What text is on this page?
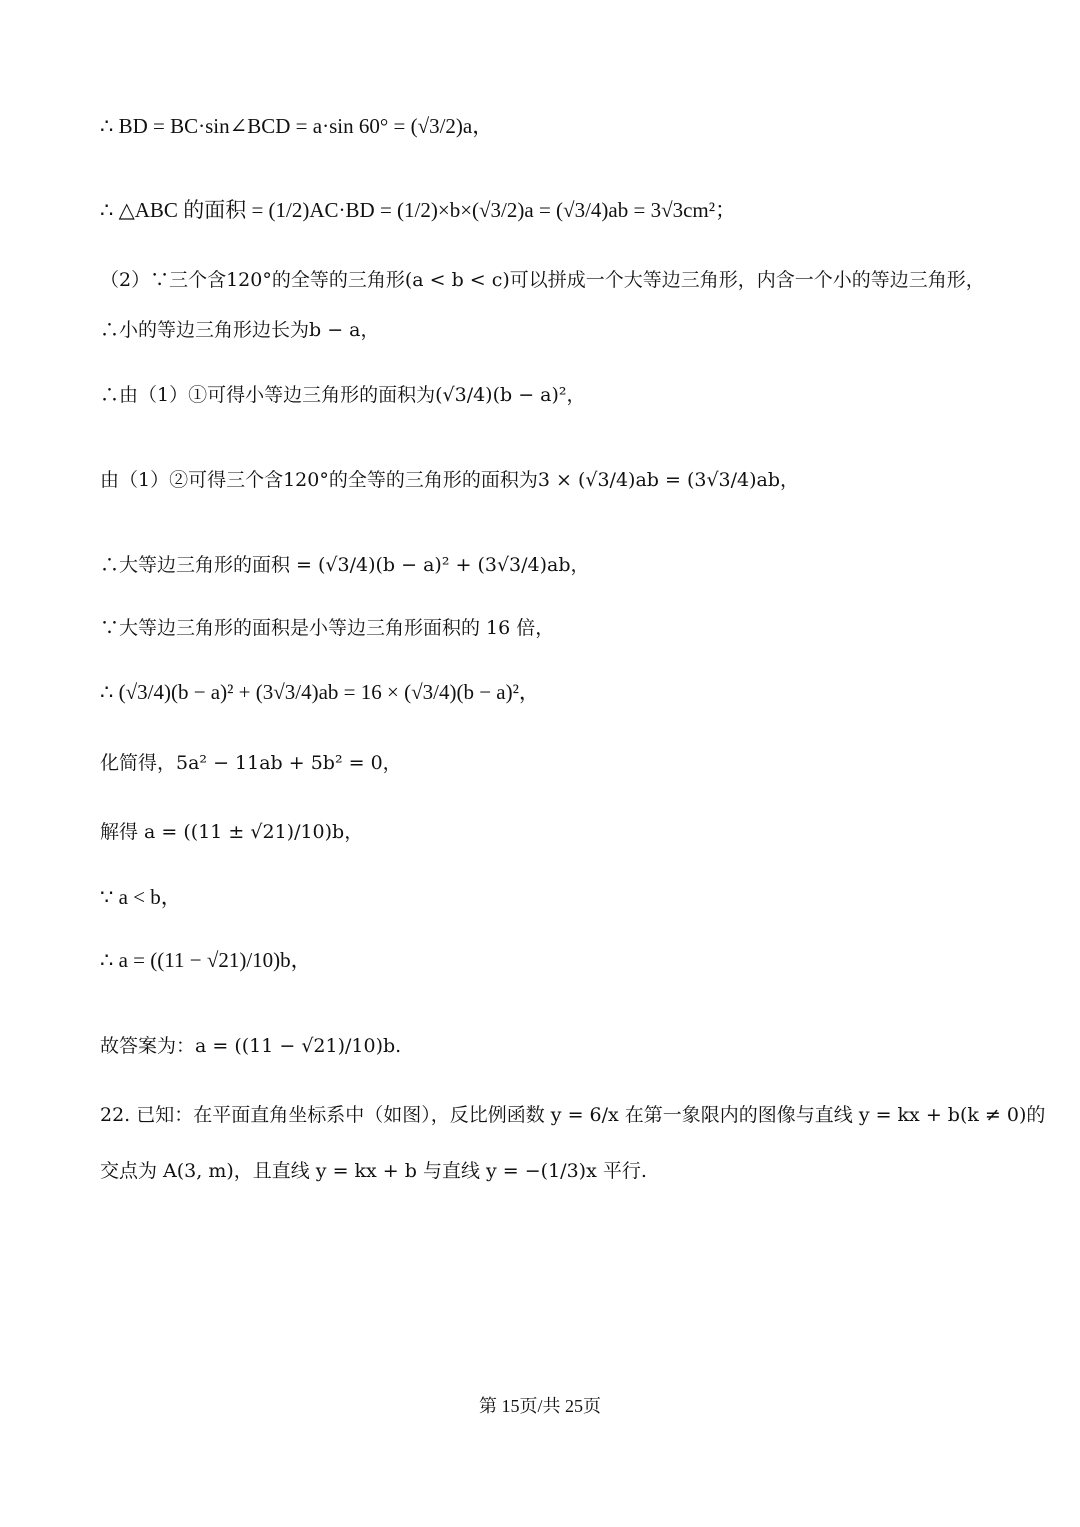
∴ BD = BC·sin∠BCD = a·sin 60° = (√3/2)a，
∴ △ABC 的面积 = (1/2)AC·BD = (1/2)×b×(√3/2)a = (√3/4)ab = 3√3cm²；
（2）∵三个含120°的全等的三角形(a < b < c)可以拼成一个大等边三角形，内含一个小的等边三角形，
∴小的等边三角形边长为b − a，
∴由（1）①可得小等边三角形的面积为(√3/4)(b − a)²，
由（1）②可得三个含120°的全等的三角形的面积为3 × (√3/4)ab = (3√3/4)ab，
∴大等边三角形的面积 = (√3/4)(b − a)² + (3√3/4)ab，
∵大等边三角形的面积是小等边三角形面积的 16 倍，
∴ (√3/4)(b − a)² + (3√3/4)ab = 16 × (√3/4)(b − a)²，
化简得，5a² − 11ab + 5b² = 0，
解得 a = ((11 ± √21)/10)b，
∵ a < b，
∴ a = ((11 − √21)/10)b，
故答案为：a = ((11 − √21)/10)b.
22. 已知：在平面直角坐标系中（如图），反比例函数 y = 6/x 在第一象限内的图像与直线 y = kx + b(k ≠ 0)的
交点为 A(3, m)，且直线 y = kx + b 与直线 y = −(1/3)x 平行.
第 15页/共 25页
